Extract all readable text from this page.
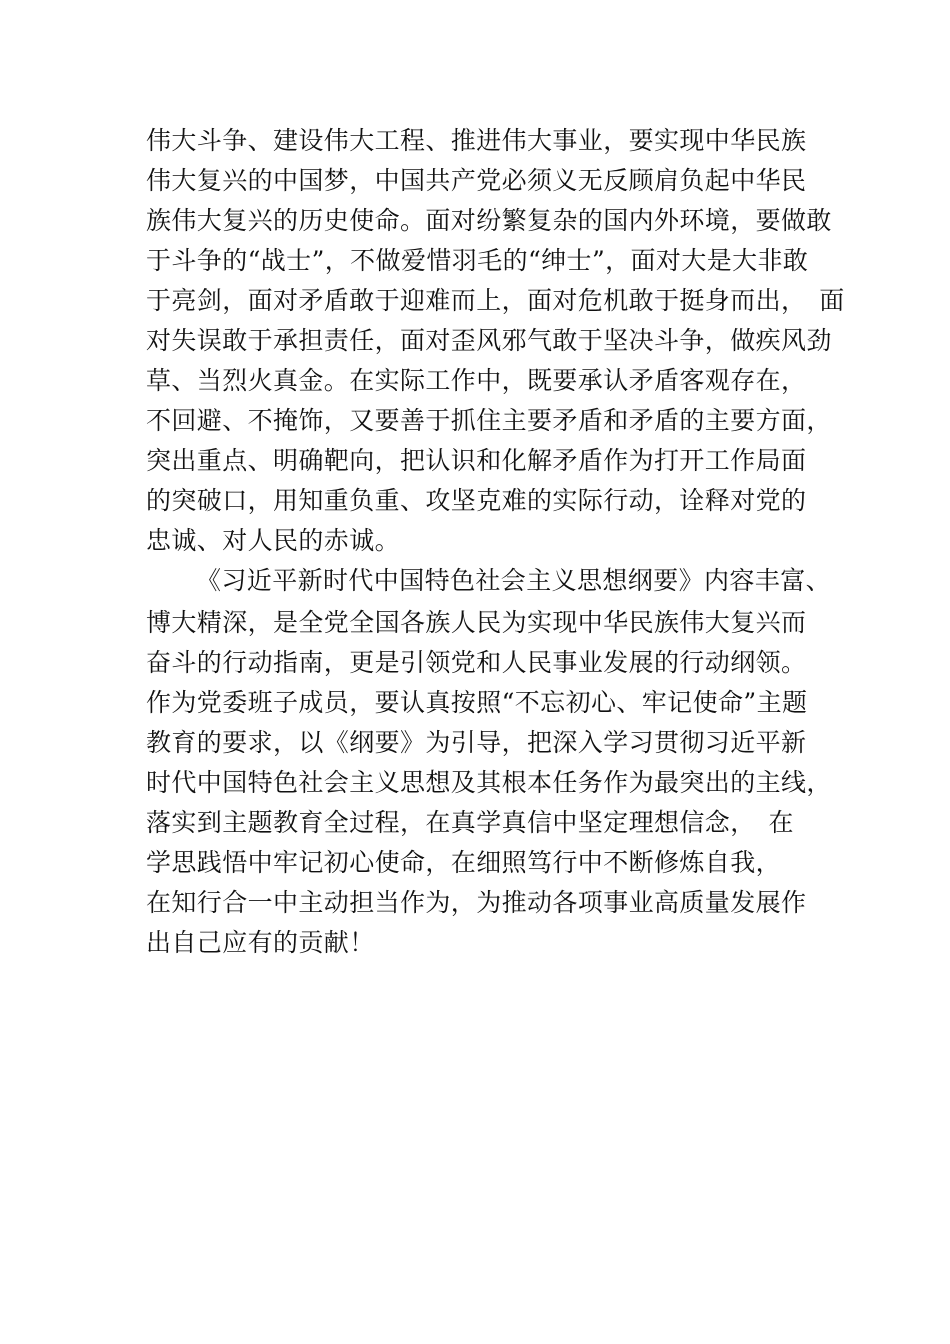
伟大斗争、建设伟大工程、推进伟大事业，要实现中华民族
伟大复兴的中国梦，中国共产党必须义无反顾肩负起中华民
族伟大复兴的历史使命。面对纷繁复杂的国内外环境，要做敢
于斗争的“战士”，不做爱惜羽毛的“绅士”，面对大是大非敢
于亮剑，面对矛盾敢于迎难而上，面对危机敢于挺身而出，　面
对失误敢于承担责任，面对歪风邪气敢于坚决斗争，做疾风劲
草、当烈火真金。在实际工作中，既要承认矛盾客观存在，
不回避、不掩饰，又要善于抓住主要矛盾和矛盾的主要方面，
突出重点、明确靶向，把认识和化解矛盾作为打开工作局面
的突破口，用知重负重、攻坚克难的实际行动，诠释对党的
忠诚、对人民的赤诚。
《习近平新时代中国特色社会主义思想纲要》内容丰富、
博大精深，是全党全国各族人民为实现中华民族伟大复兴而
奋斗的行动指南，更是引领党和人民事业发展的行动纲领。
作为党委班子成员，要认真按照“不忘初心、牢记使命”主题
教育的要求，以《纲要》为引导，把深入学习贯彻习近平新
时代中国特色社会主义思想及其根本任务作为最突出的主线，
落实到主题教育全过程，在真学真信中坚定理想信念，　在
学思践悟中牢记初心使命，在细照笃行中不断修炼自我，
在知行合一中主动担当作为，为推动各项事业高质量发展作
出自己应有的贡献！
